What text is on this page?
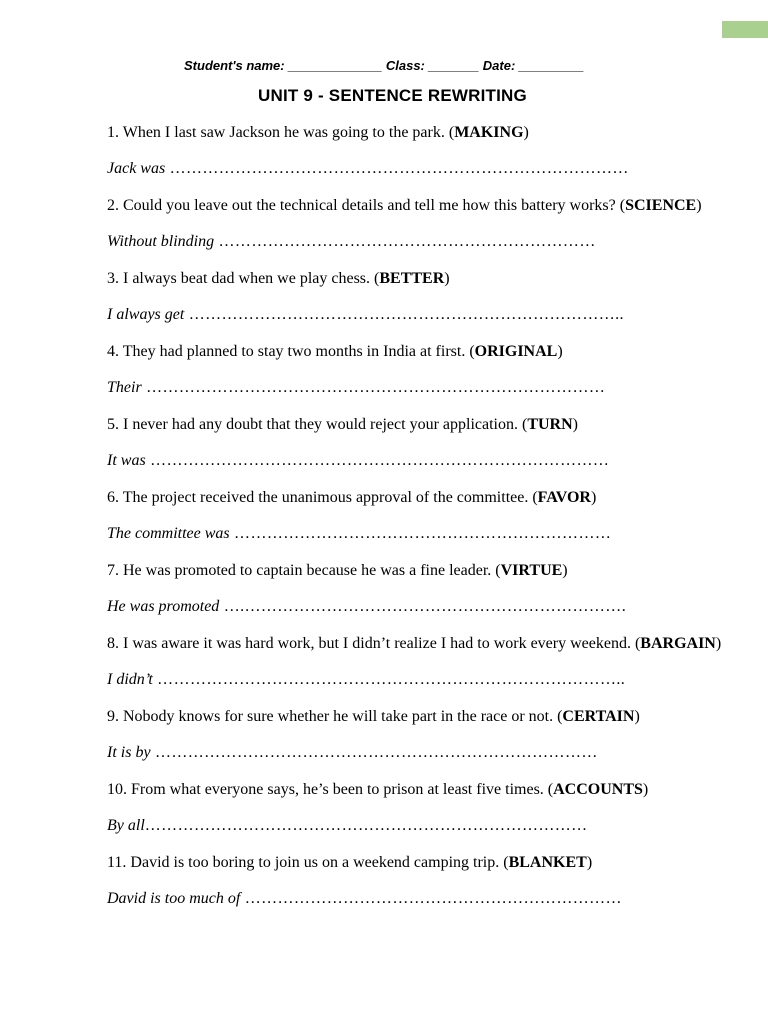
Student's name: _____________ Class: _______ Date: _________
UNIT 9 - SENTENCE REWRITING

1. When I last saw Jackson he was going to the park. (MAKING)

Jack was …………………………………………………………………………

2. Could you leave out the technical details and tell me how this battery works? (SCIENCE)

Without blinding ……………………………………………………………

3. I always beat dad when we play chess. (BETTER)

I always get ……………………………………………………………………..

4. They had planned to stay two months in India at first. (ORIGINAL)

Their …………………………………………………………………………

5. I never had any doubt that they would reject your application. (TURN)

It was …………………………………………………………………………

6. The project received the unanimous approval of the committee. (FAVOR)

The committee was ……………………………………………………………

7. He was promoted to captain because he was a fine leader. (VIRTUE)

He was promoted ….…………………………………………………………….

8. I was aware it was hard work, but I didn’t realize I had to work every weekend. (BARGAIN)

I didn’t …………………………………………………………………………..

9. Nobody knows for sure whether he will take part in the race or not. (CERTAIN)

It is by ………………………………………………………………………

10. From what everyone says, he’s been to prison at least five times. (ACCOUNTS)

By all………………………………………………………………………

11. David is too boring to join us on a weekend camping trip. (BLANKET)

David is too much of ……………………………………………………………
